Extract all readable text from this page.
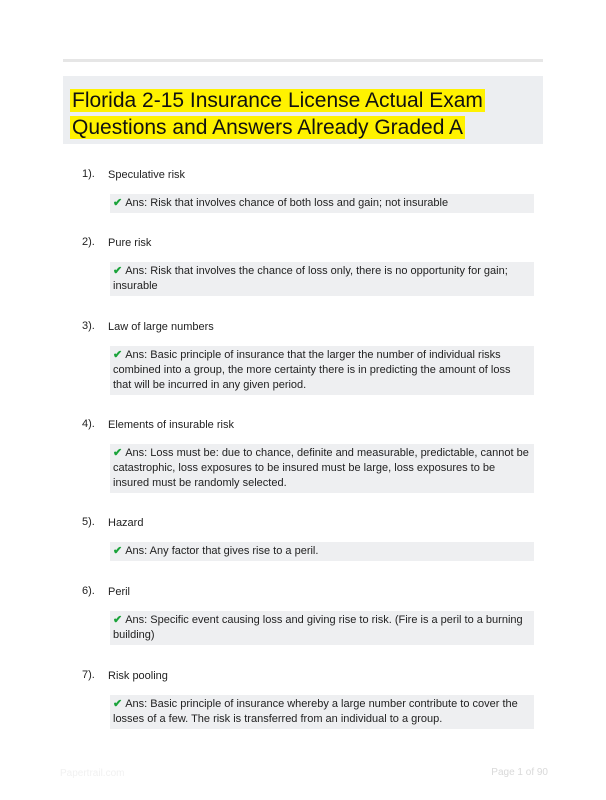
Florida 2-15 Insurance License Actual Exam
Questions and Answers Already Graded A
1). Speculative risk
✔ Ans: Risk that involves chance of both loss and gain; not insurable
2). Pure risk
✔ Ans: Risk that involves the chance of loss only, there is no opportunity for gain; insurable
3). Law of large numbers
✔ Ans: Basic principle of insurance that the larger the number of individual risks combined into a group, the more certainty there is in predicting the amount of loss that will be incurred in any given period.
4). Elements of insurable risk
✔ Ans: Loss must be: due to chance, definite and measurable, predictable, cannot be catastrophic, loss exposures to be insured must be large, loss exposures to be insured must be randomly selected.
5). Hazard
✔ Ans: Any factor that gives rise to a peril.
6). Peril
✔ Ans: Specific event causing loss and giving rise to risk. (Fire is a peril to a burning building)
7). Risk pooling
✔ Ans: Basic principle of insurance whereby a large number contribute to cover the losses of a few. The risk is transferred from an individual to a group.
Papertrail.com	Page 1 of 90
